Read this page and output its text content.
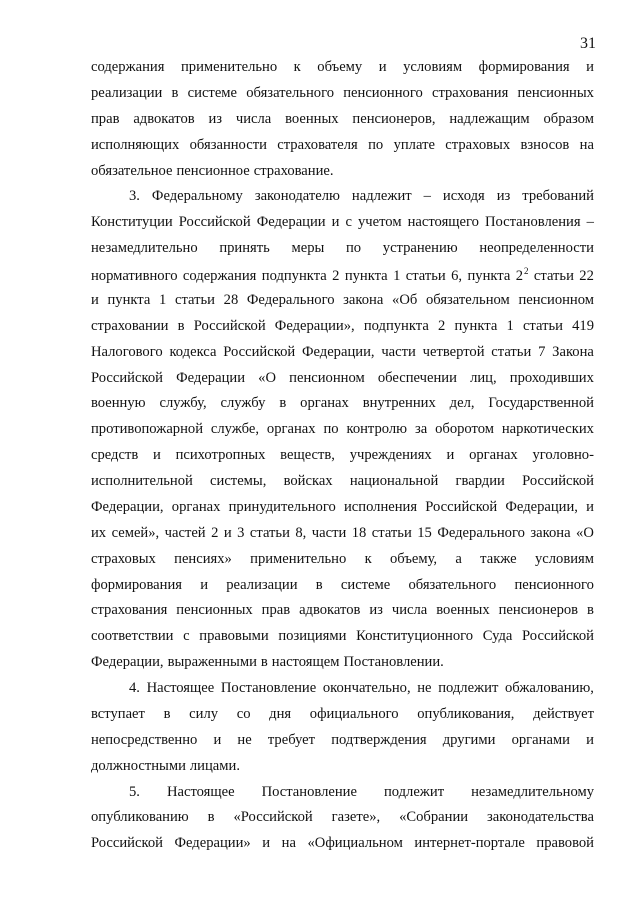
31
содержания применительно к объему и условиям формирования и
реализации в системе обязательного пенсионного страхования пенсионных
прав адвокатов из числа военных пенсионеров, надлежащим образом
исполняющих обязанности страхователя по уплате страховых взносов на
обязательное пенсионное страхование.
3. Федеральному законодателю надлежит – исходя из требований
Конституции Российской Федерации и с учетом настоящего Постановления –
незамедлительно принять меры по устранению неопределенности
нормативного содержания подпункта 2 пункта 1 статьи 6, пункта $2^2$ статьи 22
и пункта 1 статьи 28 Федерального закона «Об обязательном пенсионном
страховании в Российской Федерации», подпункта 2 пункта 1 статьи 419
Налогового кодекса Российской Федерации, части четвертой статьи 7 Закона
Российской Федерации «О пенсионном обеспечении лиц, проходивших
военную службу, службу в органах внутренних дел, Государственной
противопожарной службе, органах по контролю за оборотом наркотических
средств и психотропных веществ, учреждениях и органах уголовно-
исполнительной системы, войсках национальной гвардии Российской
Федерации, органах принудительного исполнения Российской Федерации, и
их семей», частей 2 и 3 статьи 8, части 18 статьи 15 Федерального закона «О
страховых пенсиях» применительно к объему, а также условиям
формирования и реализации в системе обязательного пенсионного
страхования пенсионных прав адвокатов из числа военных пенсионеров в
соответствии с правовыми позициями Конституционного Суда Российской
Федерации, выраженными в настоящем Постановлении.
4. Настоящее Постановление окончательно, не подлежит обжалованию,
вступает в силу со дня официального опубликования, действует
непосредственно и не требует подтверждения другими органами и
должностными лицами.
5. Настоящее Постановление подлежит незамедлительному
опубликованию в «Российской газете», «Собрании законодательства
Российской Федерации» и на «Официальном интернет-портале правовой
